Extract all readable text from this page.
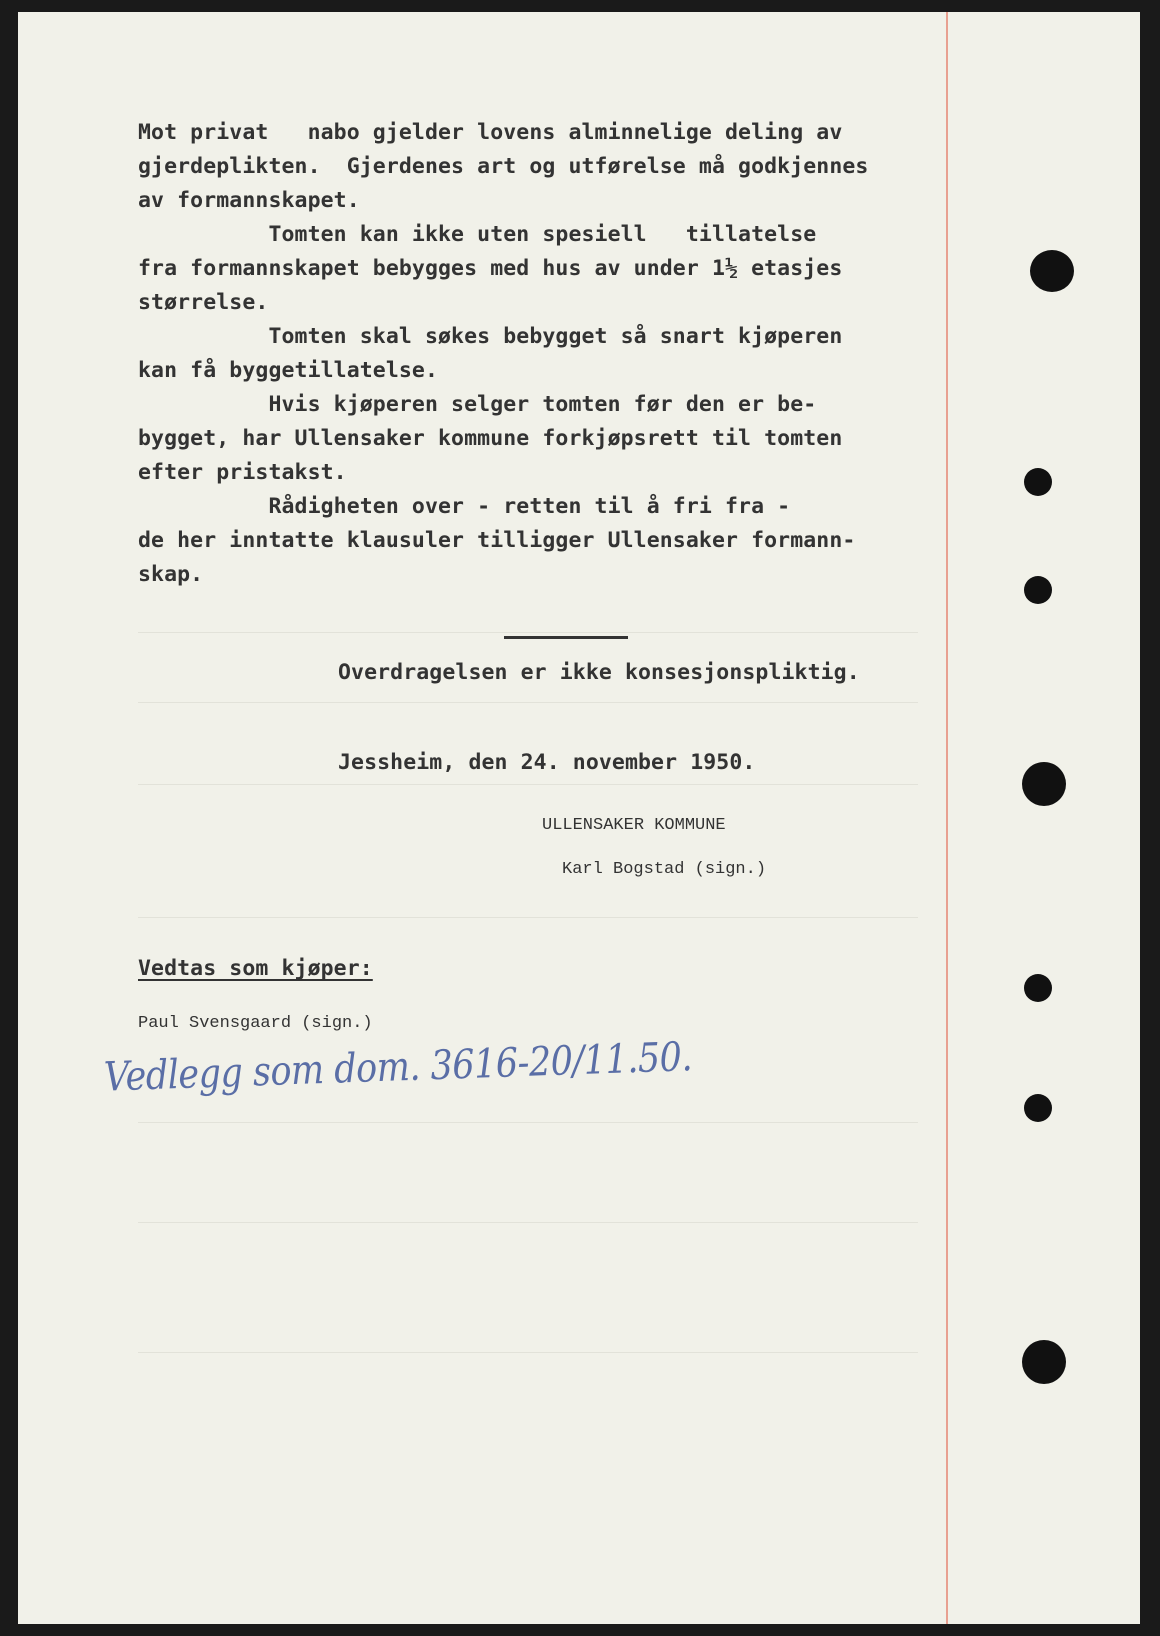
Mot privat   nabo gjelder lovens alminnelige deling av
gjerdeplikten.  Gjerdenes art og utførelse må godkjennes
av formannskapet.
Tomten kan ikke uten spesiell   tillatelse
fra formannskapet bebygges med hus av under 1½ etasjes
størrelse.
Tomten skal søkes bebygget så snart kjøperen
kan få byggetillatelse.
Hvis kjøperen selger tomten før den er be-
bygget, har Ullensaker kommune forkjøpsrett til tomten
efter pristakst.
Rådigheten over - retten til å fri fra -
de her inntatte klausuler tilligger Ullensaker formann-
skap.
Overdragelsen er ikke konsesjonspliktig.
Jessheim, den 24. november 1950.
ULLENSAKER KOMMUNE
Karl Bogstad (sign.)
Vedtas som kjøper:
Paul Svensgaard (sign.)
Vedlegg som dom. 3616-20/11.50.
